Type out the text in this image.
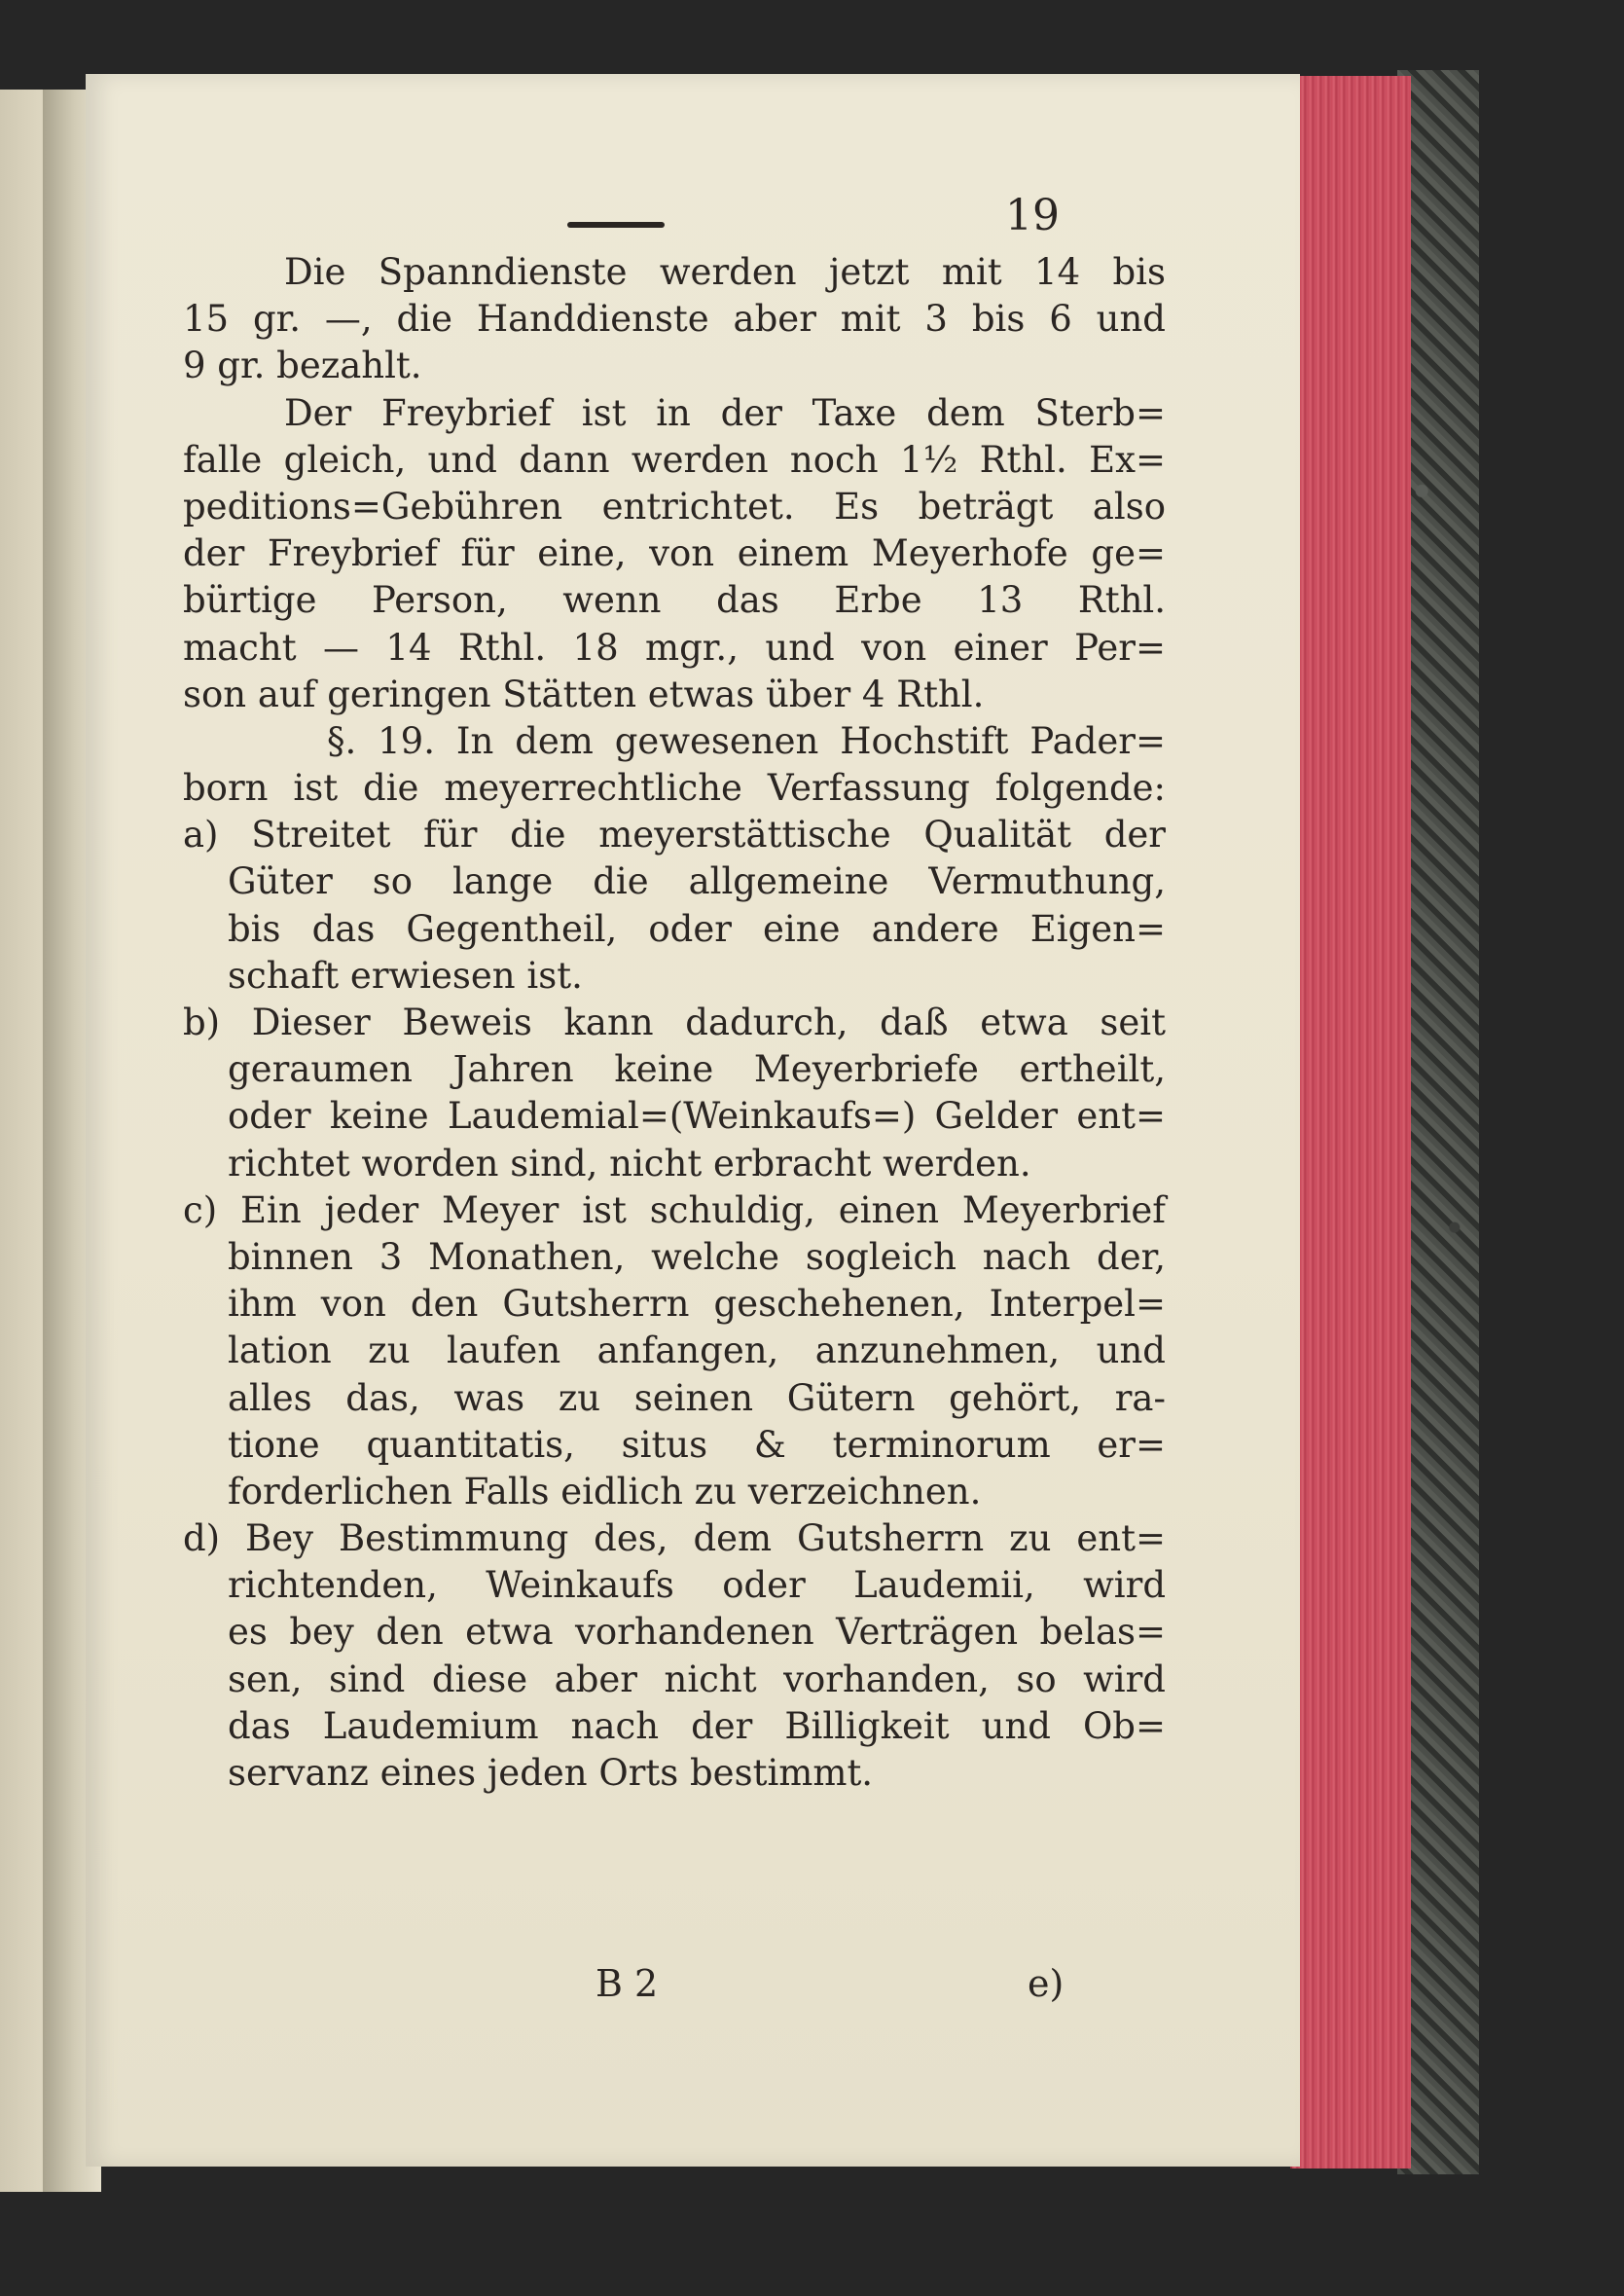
19
Die Spanndienste werden jetzt mit 14 bis
15 gr. —, die Handdienste aber mit 3 bis 6 und
9 gr. bezahlt.
Der Freybrief ist in der Taxe dem Sterb=
falle gleich, und dann werden noch 1½ Rthl. Ex=
peditions=Gebühren entrichtet. Es beträgt also
der Freybrief für eine, von einem Meyerhofe ge=
bürtige Person, wenn das Erbe 13 Rthl.
macht — 14 Rthl. 18 mgr., und von einer Per=
son auf geringen Stätten etwas über 4 Rthl.
§. 19. In dem gewesenen Hochstift Pader=
born ist die meyerrechtliche Verfassung folgende:
a) Streitet für die meyerstättische Qualität der
Güter so lange die allgemeine Vermuthung,
bis das Gegentheil, oder eine andere Eigen=
schaft erwiesen ist.
b) Dieser Beweis kann dadurch, daß etwa seit
geraumen Jahren keine Meyerbriefe ertheilt,
oder keine Laudemial=(Weinkaufs=) Gelder ent=
richtet worden sind, nicht erbracht werden.
c) Ein jeder Meyer ist schuldig, einen Meyerbrief
binnen 3 Monathen, welche sogleich nach der,
ihm von den Gutsherrn geschehenen, Interpel=
lation zu laufen anfangen, anzunehmen, und
alles das, was zu seinen Gütern gehört, ra-
tione quantitatis, situs & terminorum er=
forderlichen Falls eidlich zu verzeichnen.
d) Bey Bestimmung des, dem Gutsherrn zu ent=
richtenden, Weinkaufs oder Laudemii, wird
es bey den etwa vorhandenen Verträgen belas=
sen, sind diese aber nicht vorhanden, so wird
das Laudemium nach der Billigkeit und Ob=
servanz eines jeden Orts bestimmt.
B 2	e)
